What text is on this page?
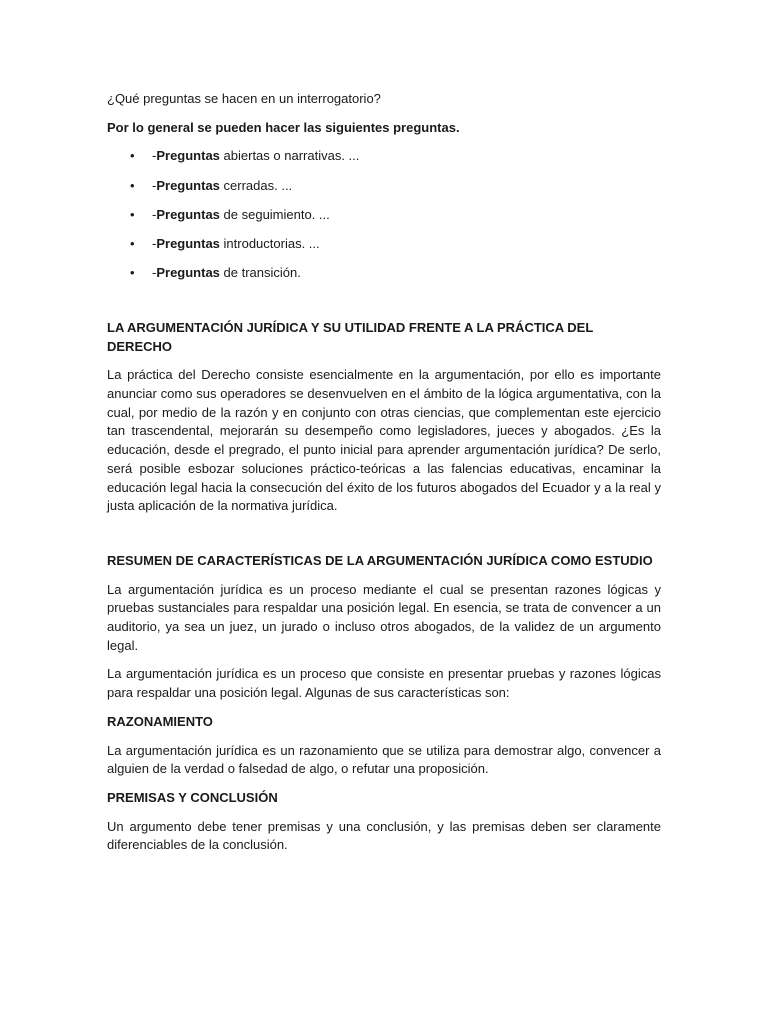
¿Qué preguntas se hacen en un interrogatorio?

Por lo general se pueden hacer las siguientes preguntas.

• -Preguntas abiertas o narrativas. ...
• -Preguntas cerradas. ...
• -Preguntas de seguimiento. ...
• -Preguntas introductorias. ...
• -Preguntas de transición.

LA ARGUMENTACIÓN JURÍDICA Y SU UTILIDAD FRENTE A LA PRÁCTICA DEL DERECHO

La práctica del Derecho consiste esencialmente en la argumentación, por ello es importante anunciar como sus operadores se desenvuelven en el ámbito de la lógica argumentativa, con la cual, por medio de la razón y en conjunto con otras ciencias, que complementan este ejercicio tan trascendental, mejorarán su desempeño como legisladores, jueces y abogados. ¿Es la educación, desde el pregrado, el punto inicial para aprender argumentación jurídica? De serlo, será posible esbozar soluciones práctico-teóricas a las falencias educativas, encaminar la educación legal hacia la consecución del éxito de los futuros abogados del Ecuador y a la real y justa aplicación de la normativa jurídica.

RESUMEN DE CARACTERÍSTICAS DE LA ARGUMENTACIÓN JURÍDICA COMO ESTUDIO

La argumentación jurídica es un proceso mediante el cual se presentan razones lógicas y pruebas sustanciales para respaldar una posición legal. En esencia, se trata de convencer a un auditorio, ya sea un juez, un jurado o incluso otros abogados, de la validez de un argumento legal.

La argumentación jurídica es un proceso que consiste en presentar pruebas y razones lógicas para respaldar una posición legal. Algunas de sus características son:

RAZONAMIENTO

La argumentación jurídica es un razonamiento que se utiliza para demostrar algo, convencer a alguien de la verdad o falsedad de algo, o refutar una proposición.

PREMISAS Y CONCLUSIÓN

Un argumento debe tener premisas y una conclusión, y las premisas deben ser claramente diferenciables de la conclusión.
